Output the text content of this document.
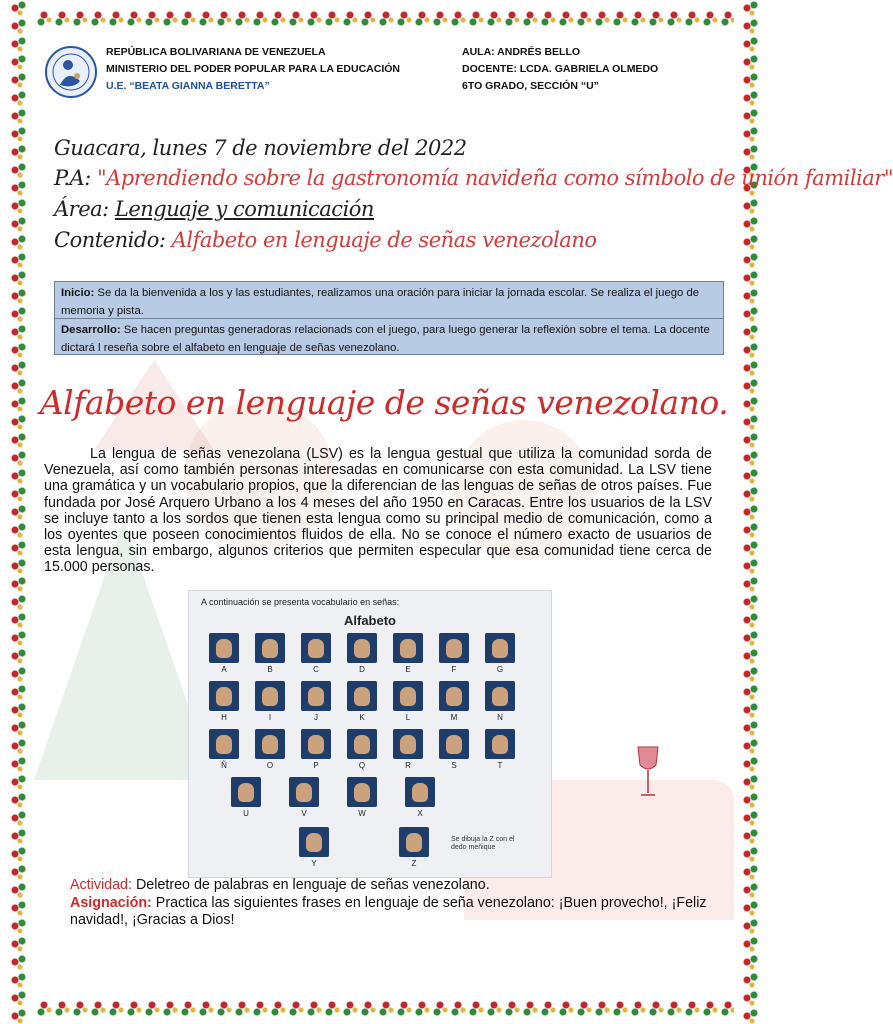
REPÚBLICA BOLIVARIANA DE VENEZUELA
MINISTERIO DEL PODER POPULAR PARA LA EDUCACIÓN
U.E. “BEATA GIANNA BERETTA”
AULA: ANDRÉS BELLO
DOCENTE: LCDA. GABRIELA OLMEDO
6TO GRADO, SECCIÓN “U”
Guacara, lunes 7 de noviembre del 2022
P.A: "Aprendiendo sobre la gastronomía navideña como símbolo de unión familiar"
Área: Lenguaje y comunicación
Contenido: Alfabeto en lenguaje de señas venezolano
Inicio: Se da la bienvenida a los y las estudiantes, realizamos una oración para iniciar la jornada escolar. Se realiza el juego de memoria y pista.
Desarrollo: Se hacen preguntas generadoras relacionads con el juego, para luego generar la reflexiòn sobre el tema. La docente dictará l reseña sobre el alfabeto en lenguaje de señas venezolano.
Alfabeto en lenguaje de señas venezolano.

La lengua de señas venezolana (LSV) es la lengua gestual que utiliza la comunidad sorda de Venezuela, así como también personas interesadas en comunicarse con esta comunidad. La LSV tiene una gramática y un vocabulario propios, que la diferencian de las lenguas de señas de otros países. Fue fundada por José Arquero Urbano a los 4 meses del año 1950 en Caracas. Entre los usuarios de la LSV se incluye tanto a los sordos que tienen esta lengua como su principal medio de comunicación, como a los oyentes que poseen conocimientos fluidos de ella. No se conoce el número exacto de usuarios de esta lengua, sin embargo, algunos criterios que permiten especular que esa comunidad tiene cerca de 15.000 personas.

A continuación se presenta vocabulario en señas:
Alfabeto
A	B	C	D	E	F	G
H	I	J	K	L	M	N
Ñ	O	P	Q	R	S	T
U	V	W	X
Y	Z
Se dibuja la Z con el dedo meñique
Actividad: Deletreo de palabras en lenguaje de señas venezolano.
Asignación: Practica las siguientes frases en lenguaje de seña venezolano: ¡Buen provecho!, ¡Feliz navidad!, ¡Gracias a Dios!
